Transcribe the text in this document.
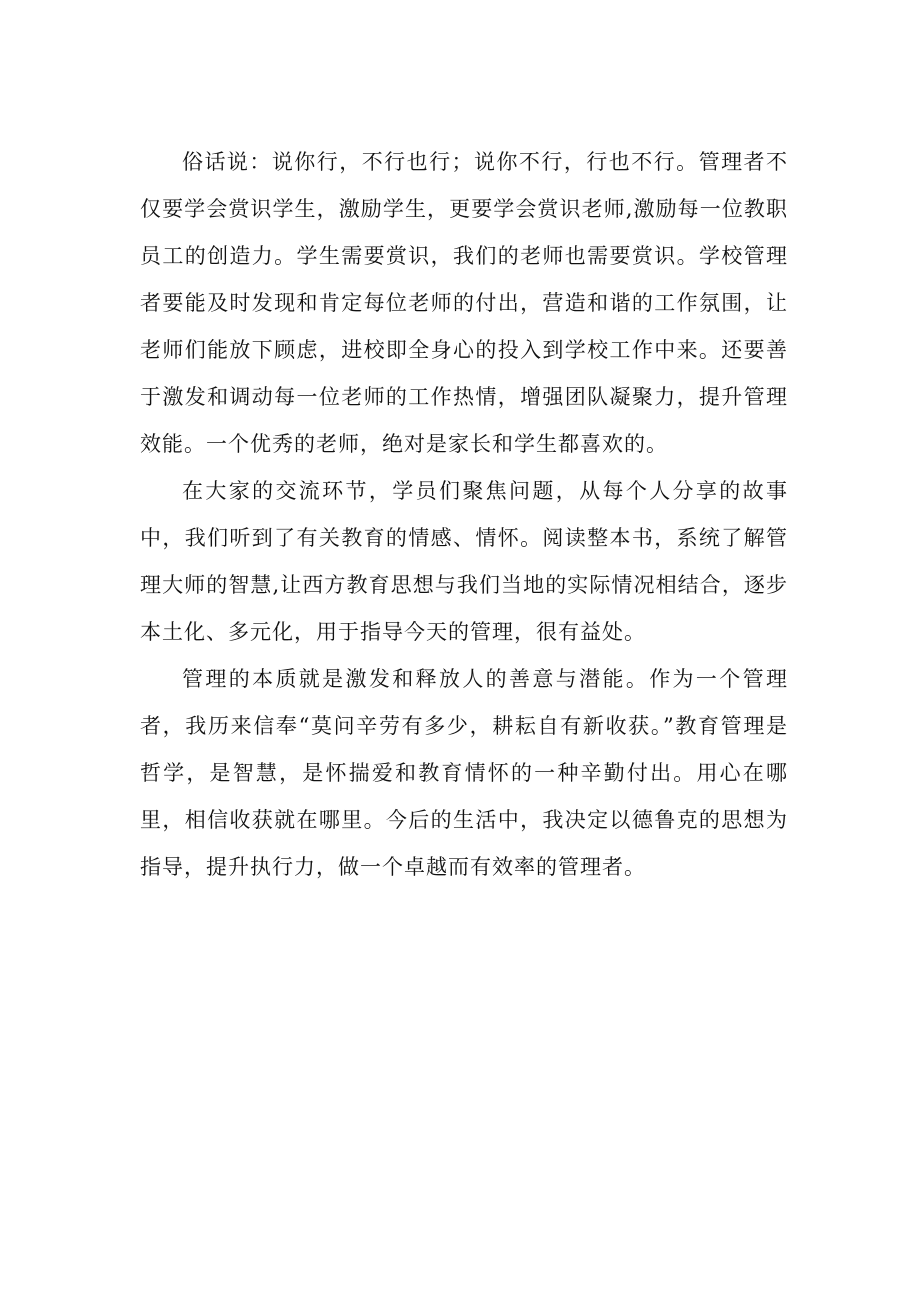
俗话说：说你行，不行也行；说你不行，行也不行。管理者不仅要学会赏识学生，激励学生，更要学会赏识老师,激励每一位教职员工的创造力。学生需要赏识，我们的老师也需要赏识。学校管理者要能及时发现和肯定每位老师的付出，营造和谐的工作氛围，让老师们能放下顾虑，进校即全身心的投入到学校工作中来。还要善于激发和调动每一位老师的工作热情，增强团队凝聚力，提升管理效能。一个优秀的老师，绝对是家长和学生都喜欢的。

在大家的交流环节，学员们聚焦问题，从每个人分享的故事中，我们听到了有关教育的情感、情怀。阅读整本书，系统了解管理大师的智慧,让西方教育思想与我们当地的实际情况相结合，逐步本土化、多元化，用于指导今天的管理，很有益处。

管理的本质就是激发和释放人的善意与潜能。作为一个管理者，我历来信奉“莫问辛劳有多少，耕耘自有新收获。”教育管理是哲学，是智慧，是怀揣爱和教育情怀的一种辛勤付出。用心在哪里，相信收获就在哪里。今后的生活中，我决定以德鲁克的思想为指导，提升执行力，做一个卓越而有效率的管理者。
